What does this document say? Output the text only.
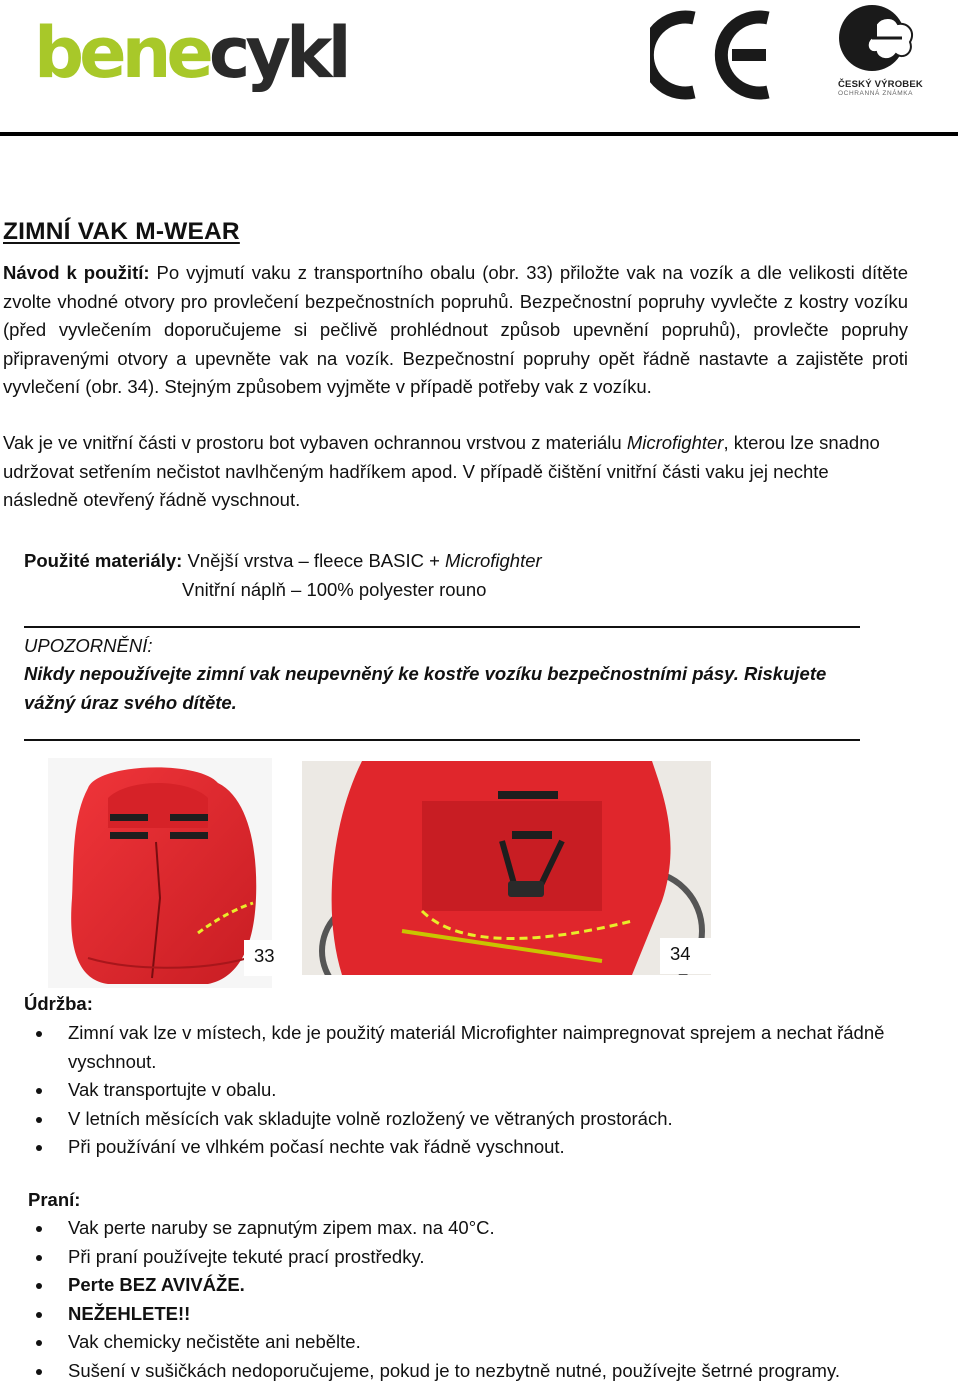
benecykl	ČESKÝ VÝROBEK
OCHRANNÁ ZNÁMKA
ZIMNÍ VAK M-WEAR
Návod k použití: Po vyjmutí vaku z transportního obalu (obr. 33) přiložte vak na vozík a dle velikosti dítěte zvolte vhodné otvory pro provlečení bezpečnostních popruhů. Bezpečnostní popruhy vyvlečte z kostry vozíku (před vyvlečením doporučujeme si pečlivě prohlédnout způsob upevnění popruhů), provlečte popruhy připravenými otvory a upevněte vak na vozík. Bezpečnostní popruhy opět řádně nastavte a zajistěte proti vyvlečení (obr. 34). Stejným způsobem vyjměte v případě potřeby vak z vozíku.
Vak je ve vnitřní části v prostoru bot vybaven ochrannou vrstvou z materiálu Microfighter, kterou lze snadno udržovat setřením nečistot navlhčeným hadříkem apod. V případě čištění vnitřní části vaku jej nechte následně otevřený řádně vyschnout.
Použité materiály: Vnější vrstva – fleece BASIC + Microfighter
Vnitřní náplň – 100% polyester rouno
UPOZORNĚNÍ:
Nikdy nepoužívejte zimní vak neupevněný ke kostře vozíku bezpečnostními pásy. Riskujete vážný úraz svého dítěte.
33	34
Údržba:
Zimní vak lze v místech, kde je použitý materiál Microfighter naimpregnovat sprejem a nechat řádně vyschnout.
Vak transportujte v obalu.
V letních měsících vak skladujte volně rozložený ve větraných prostorách.
Při používání ve vlhkém počasí nechte vak řádně vyschnout.
Praní:
Vak perte naruby se zapnutým zipem max. na 40°C.
Při praní používejte tekuté prací prostředky.
Perte BEZ AVIVÁŽE.
NEŽEHLETE!!
Vak chemicky nečistěte ani nebělte.
Sušení v sušičkách nedoporučujeme, pokud je to nezbytně nutné, používejte šetrné programy.
